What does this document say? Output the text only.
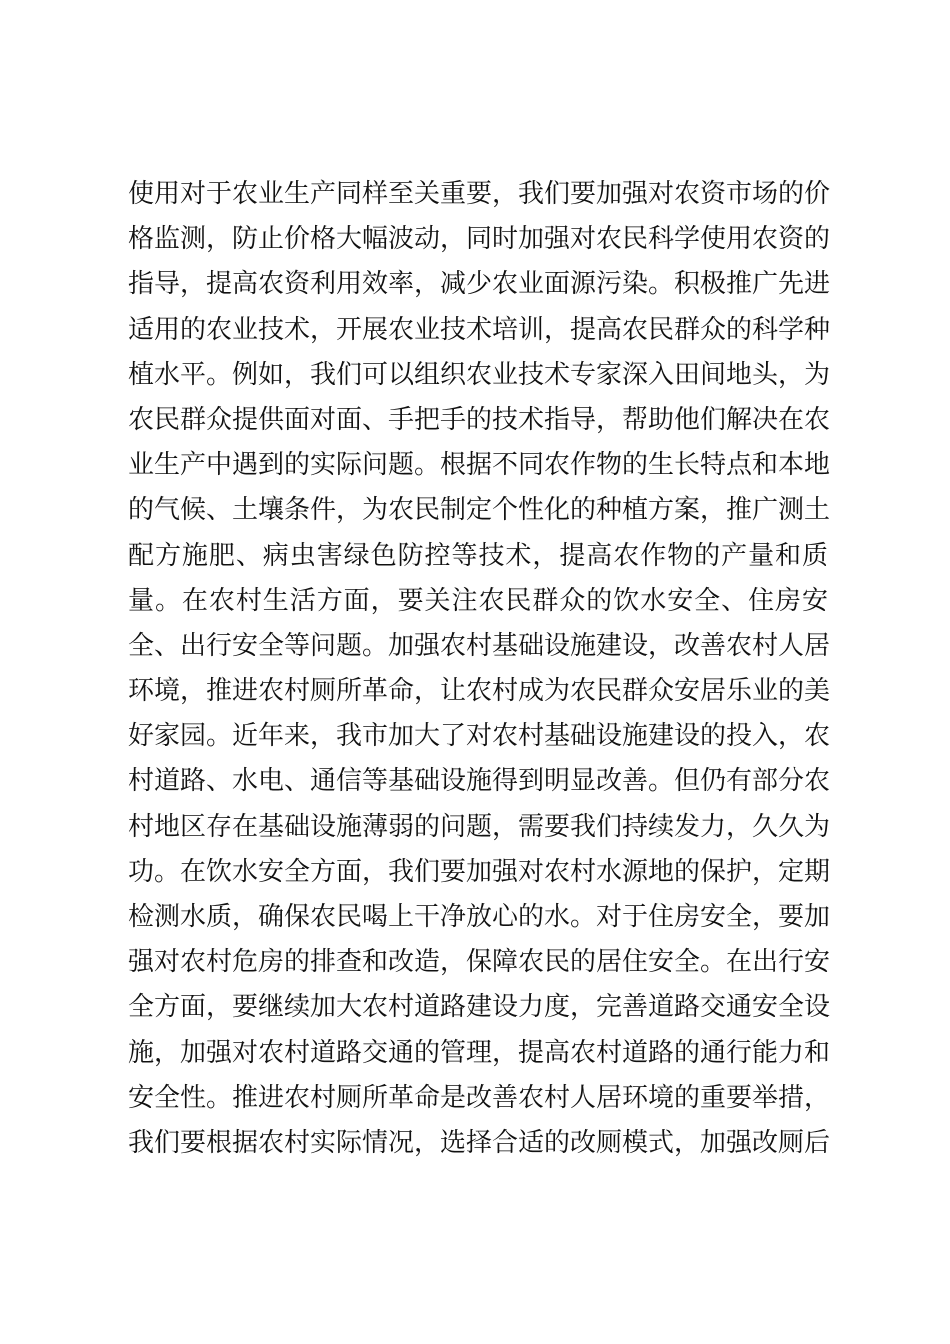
使用对于农业生产同样至关重要，我们要加强对农资市场的价
格监测，防止价格大幅波动，同时加强对农民科学使用农资的
指导，提高农资利用效率，减少农业面源污染。积极推广先进
适用的农业技术，开展农业技术培训，提高农民群众的科学种
植水平。例如，我们可以组织农业技术专家深入田间地头，为
农民群众提供面对面、手把手的技术指导，帮助他们解决在农
业生产中遇到的实际问题。根据不同农作物的生长特点和本地
的气候、土壤条件，为农民制定个性化的种植方案，推广测土
配方施肥、病虫害绿色防控等技术，提高农作物的产量和质
量。在农村生活方面，要关注农民群众的饮水安全、住房安
全、出行安全等问题。加强农村基础设施建设，改善农村人居
环境，推进农村厕所革命，让农村成为农民群众安居乐业的美
好家园。近年来，我市加大了对农村基础设施建设的投入，农
村道路、水电、通信等基础设施得到明显改善。但仍有部分农
村地区存在基础设施薄弱的问题，需要我们持续发力，久久为
功。在饮水安全方面，我们要加强对农村水源地的保护，定期
检测水质，确保农民喝上干净放心的水。对于住房安全，要加
强对农村危房的排查和改造，保障农民的居住安全。在出行安
全方面，要继续加大农村道路建设力度，完善道路交通安全设
施，加强对农村道路交通的管理，提高农村道路的通行能力和
安全性。推进农村厕所革命是改善农村人居环境的重要举措，
我们要根据农村实际情况，选择合适的改厕模式，加强改厕后
